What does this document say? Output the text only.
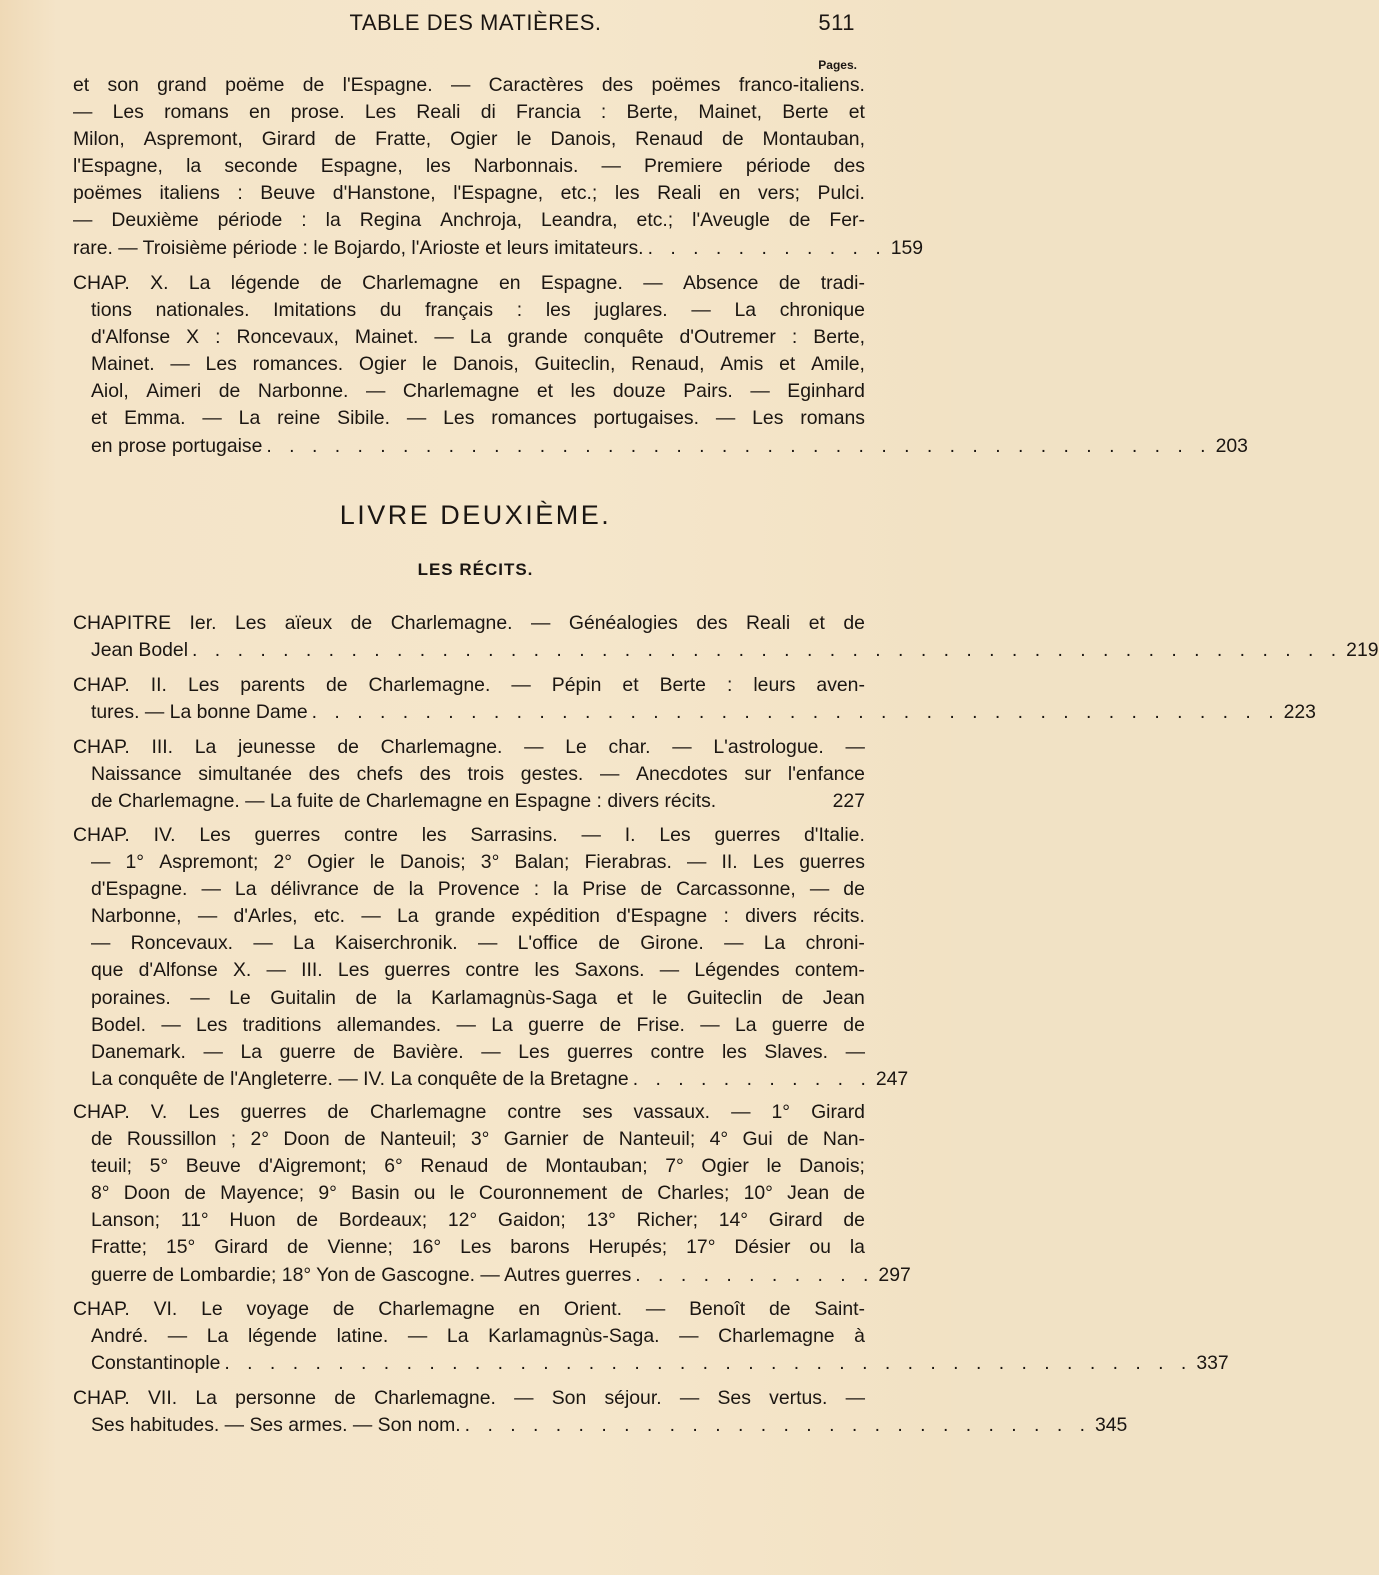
TABLE DES MATIÈRES.	511
Pages.
et son grand poëme de l'Espagne. — Caractères des poëmes franco-italiens.
— Les romans en prose. Les Reali di Francia : Berte, Mainet, Berte et
Milon, Aspremont, Girard de Fratte, Ogier le Danois, Renaud de Montauban,
l'Espagne, la seconde Espagne, les Narbonnais. — Premiere période des
poëmes italiens : Beuve d'Hanstone, l'Espagne, etc.; les Reali en vers; Pulci.
— Deuxième période : la Regina Anchroja, Leandra, etc.; l'Aveugle de Fer-
rare. — Troisième période : le Bojardo, l'Arioste et leurs imitateurs. . . . . . . . . . . . 159
CHAP. X. La légende de Charlemagne en Espagne. — Absence de tradi-
tions nationales. Imitations du français : les juglares. — La chronique
d'Alfonse X : Roncevaux, Mainet. — La grande conquête d'Outremer : Berte,
Mainet. — Les romances. Ogier le Danois, Guiteclin, Renaud, Amis et Amile,
Aiol, Aimeri de Narbonne. — Charlemagne et les douze Pairs. — Eginhard
et Emma. — La reine Sibile. — Les romances portugaises. — Les romans
en prose portugaise . . . . . . . . . . . . . . . . . . . . . . . . . . . . . . . . . . . . . . . . . . 203
LIVRE DEUXIÈME.
LES RÉCITS.
CHAPITRE Ier. Les aïeux de Charlemagne. — Généalogies des Reali et de
Jean Bodel . . . . . . . . . . . . . . . . . . . . . . . . . . . . . . . . . . . . . . . . . . . . . . . . . . . 219
CHAP. II. Les parents de Charlemagne. — Pépin et Berte : leurs aven-
tures. — La bonne Dame . . . . . . . . . . . . . . . . . . . . . . . . . . . . . . . . . . . . . . . . . . . 223
CHAP. III. La jeunesse de Charlemagne. — Le char. — L'astrologue. —
Naissance simultanée des chefs des trois gestes. — Anecdotes sur l'enfance
de Charlemagne. — La fuite de Charlemagne en Espagne : divers récits.	227
CHAP. IV. Les guerres contre les Sarrasins. — I. Les guerres d'Italie.
— 1° Aspremont; 2° Ogier le Danois; 3° Balan; Fierabras. — II. Les guerres
d'Espagne. — La délivrance de la Provence : la Prise de Carcassonne, — de
Narbonne, — d'Arles, etc. — La grande expédition d'Espagne : divers récits.
— Roncevaux. — La Kaiserchronik. — L'office de Girone. — La chroni-
que d'Alfonse X. — III. Les guerres contre les Saxons. — Légendes contem-
poraines. — Le Guitalin de la Karlamagnùs-Saga et le Guiteclin de Jean
Bodel. — Les traditions allemandes. — La guerre de Frise. — La guerre de
Danemark. — La guerre de Bavière. — Les guerres contre les Slaves. —
La conquête de l'Angleterre. — IV. La conquête de la Bretagne . . . . . . . . . . . 247
CHAP. V. Les guerres de Charlemagne contre ses vassaux. — 1° Girard
de Roussillon ; 2° Doon de Nanteuil; 3° Garnier de Nanteuil; 4° Gui de Nan-
teuil; 5° Beuve d'Aigremont; 6° Renaud de Montauban; 7° Ogier le Danois;
8° Doon de Mayence; 9° Basin ou le Couronnement de Charles; 10° Jean de
Lanson; 11° Huon de Bordeaux; 12° Gaidon; 13° Richer; 14° Girard de
Fratte; 15° Girard de Vienne; 16° Les barons Herupés; 17° Désier ou la
guerre de Lombardie; 18° Yon de Gascogne. — Autres guerres . . . . . . . . . . . 297
CHAP. VI. Le voyage de Charlemagne en Orient. — Benoît de Saint-
André. — La légende latine. — La Karlamagnùs-Saga. — Charlemagne à
Constantinople . . . . . . . . . . . . . . . . . . . . . . . . . . . . . . . . . . . . . . . . . . . 337
CHAP. VII. La personne de Charlemagne. — Son séjour. — Ses vertus. —
Ses habitudes. — Ses armes. — Son nom. . . . . . . . . . . . . . . . . . . . . . . . . . . . . 345
